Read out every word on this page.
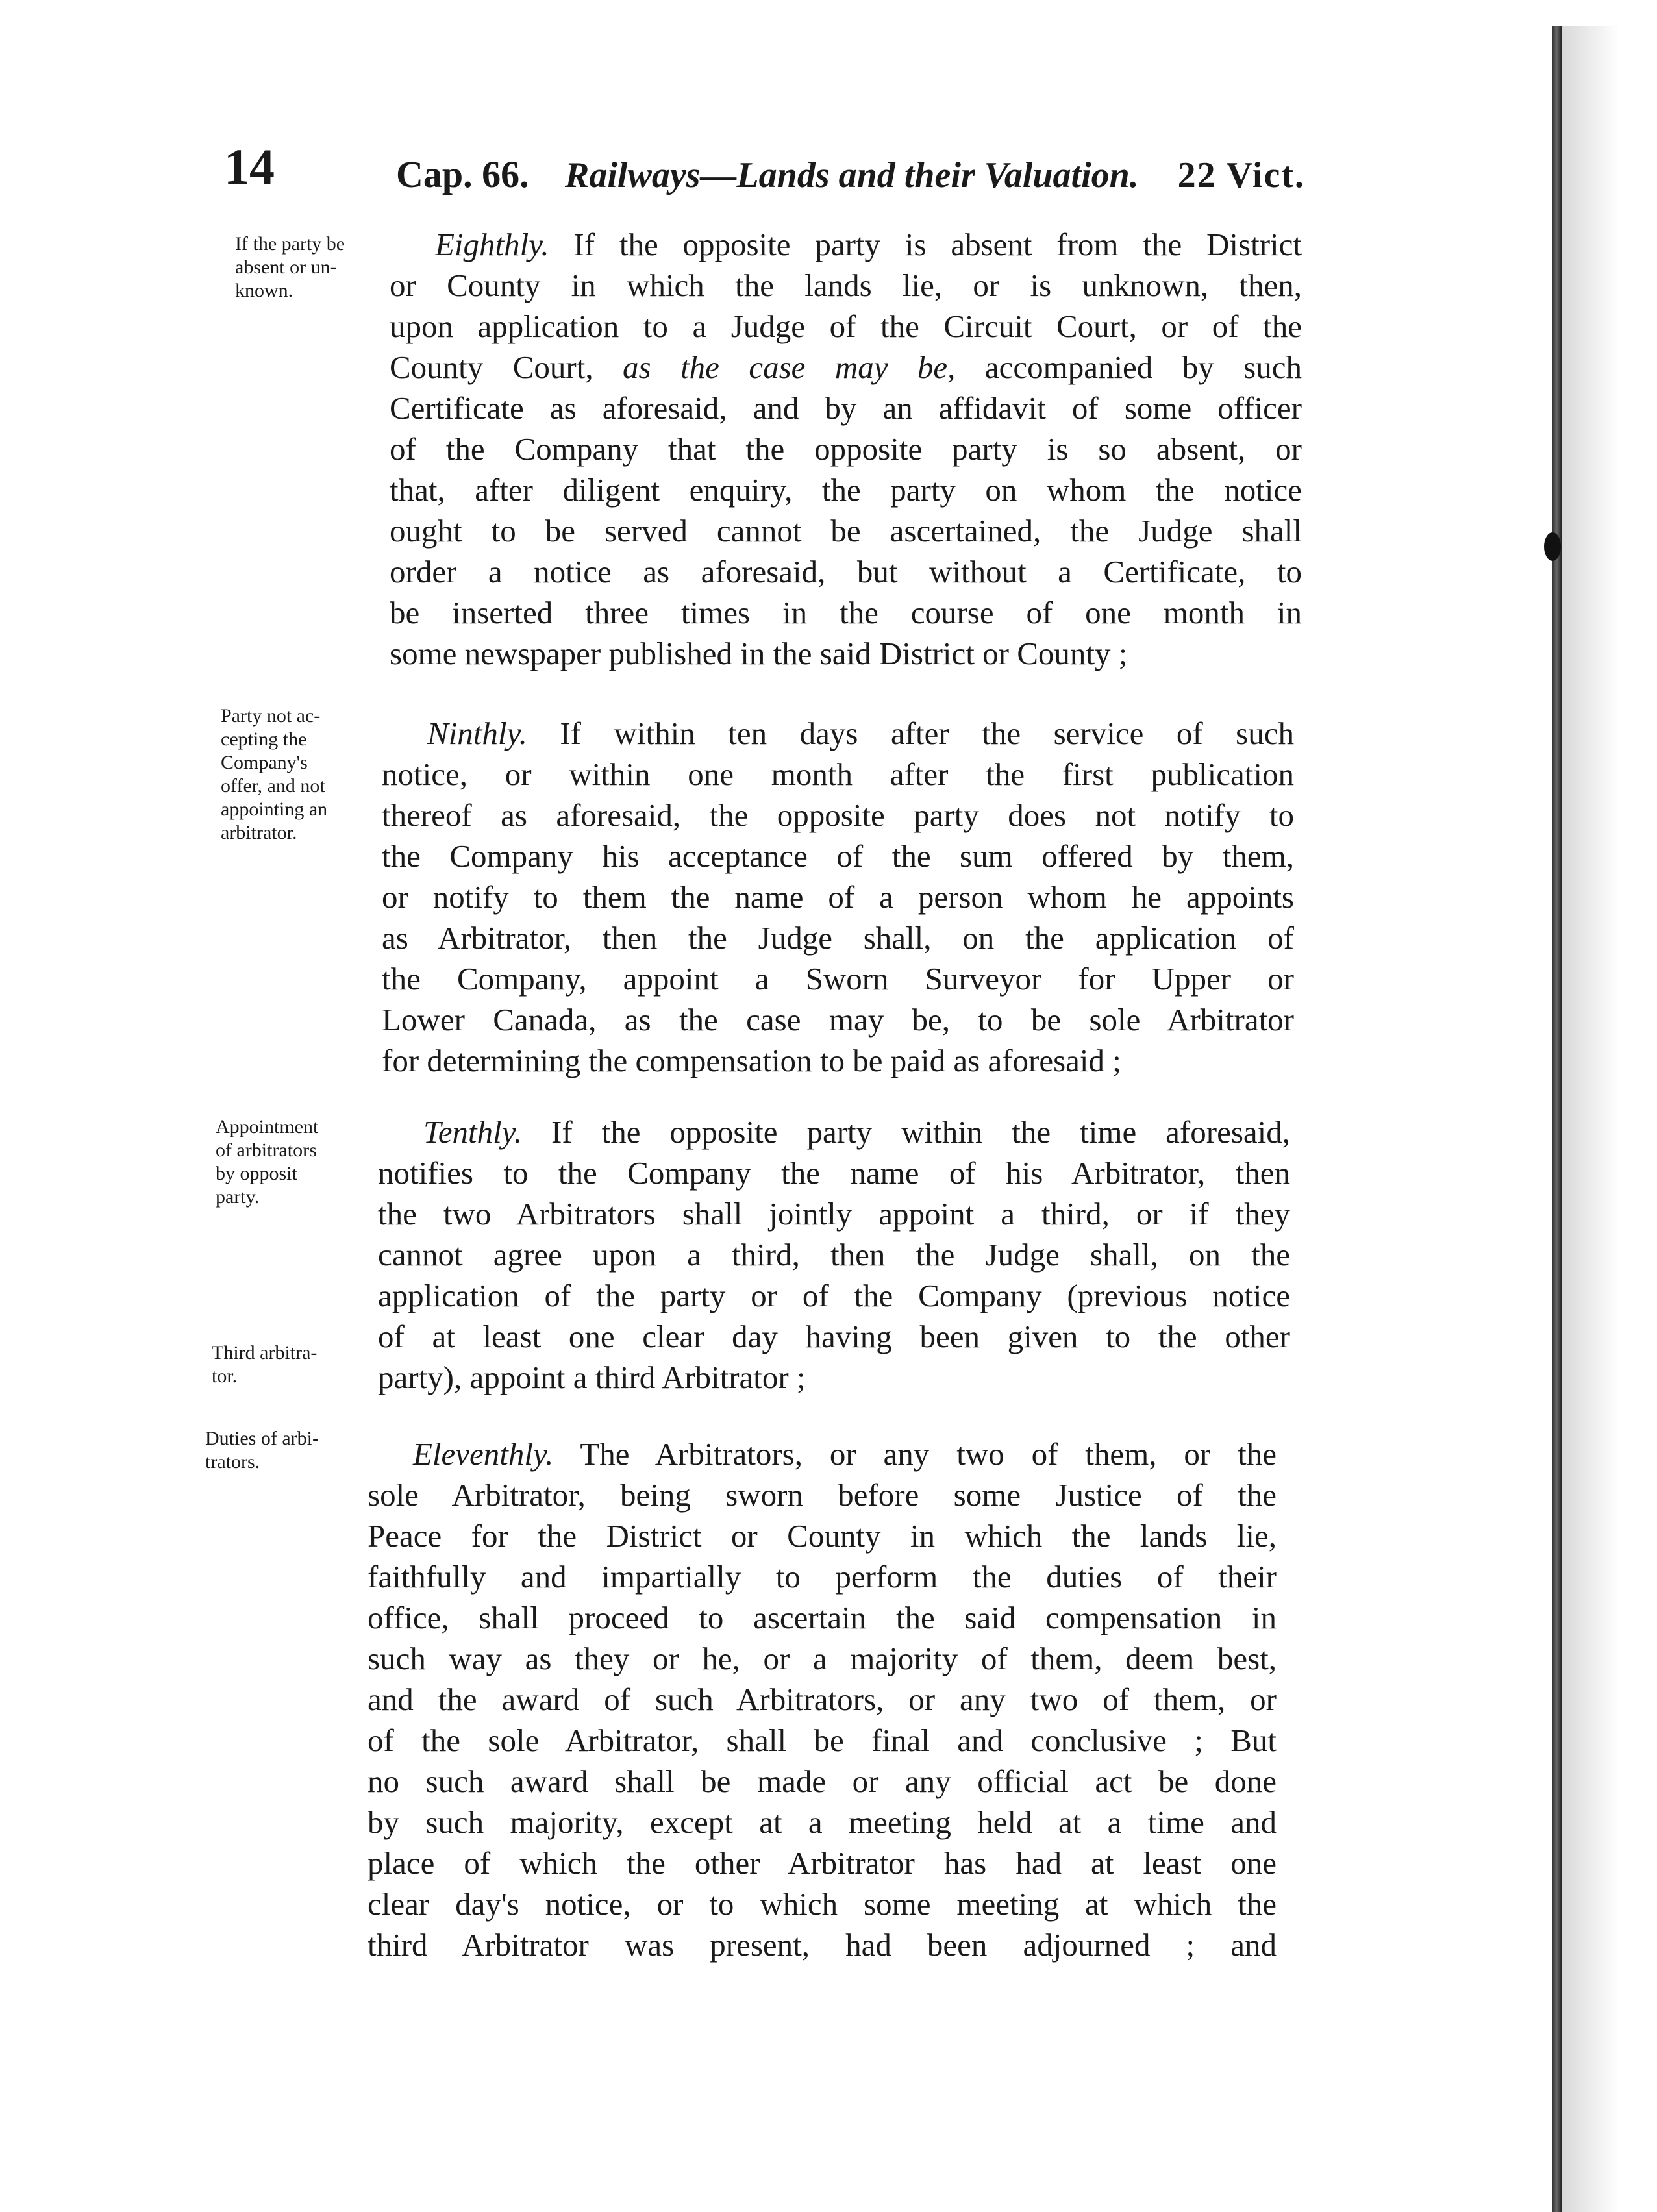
14	Cap. 66. Railways—Lands and their Valuation. 22 Vict.
If the party be
absent or un-
known.
Eighthly. If the opposite party is absent from the District
or County in which the lands lie, or is unknown, then,
upon application to a Judge of the Circuit Court, or of the
County Court, as the case may be, accompanied by such
Certificate as aforesaid, and by an affidavit of some officer
of the Company that the opposite party is so absent, or
that, after diligent enquiry, the party on whom the notice
ought to be served cannot be ascertained, the Judge shall
order a notice as aforesaid, but without a Certificate, to
be inserted three times in the course of one month in
some newspaper published in the said District or County ;
Party not ac-
cepting the
Company's
offer, and not
appointing an
arbitrator.
Ninthly. If within ten days after the service of such
notice, or within one month after the first publication
thereof as aforesaid, the opposite party does not notify to
the Company his acceptance of the sum offered by them,
or notify to them the name of a person whom he appoints
as Arbitrator, then the Judge shall, on the application of
the Company, appoint a Sworn Surveyor for Upper or
Lower Canada, as the case may be, to be sole Arbitrator
for determining the compensation to be paid as aforesaid ;
Appointment
of arbitrators
by opposit
party.
Third arbitra-
tor.
Tenthly. If the opposite party within the time aforesaid,
notifies to the Company the name of his Arbitrator, then
the two Arbitrators shall jointly appoint a third, or if they
cannot agree upon a third, then the Judge shall, on the
application of the party or of the Company (previous notice
of at least one clear day having been given to the other
party), appoint a third Arbitrator ;
Duties of arbi-
trators.	Eleventhly. The Arbitrators, or any two of them, or the
sole Arbitrator, being sworn before some Justice of the
Peace for the District or County in which the lands lie,
faithfully and impartially to perform the duties of their
office, shall proceed to ascertain the said compensation in
such way as they or he, or a majority of them, deem best,
and the award of such Arbitrators, or any two of them, or
of the sole Arbitrator, shall be final and conclusive ; But
no such award shall be made or any official act be done
by such majority, except at a meeting held at a time and
place of which the other Arbitrator has had at least one
clear day's notice, or to which some meeting at which the
third Arbitrator was present, had been adjourned ; and
